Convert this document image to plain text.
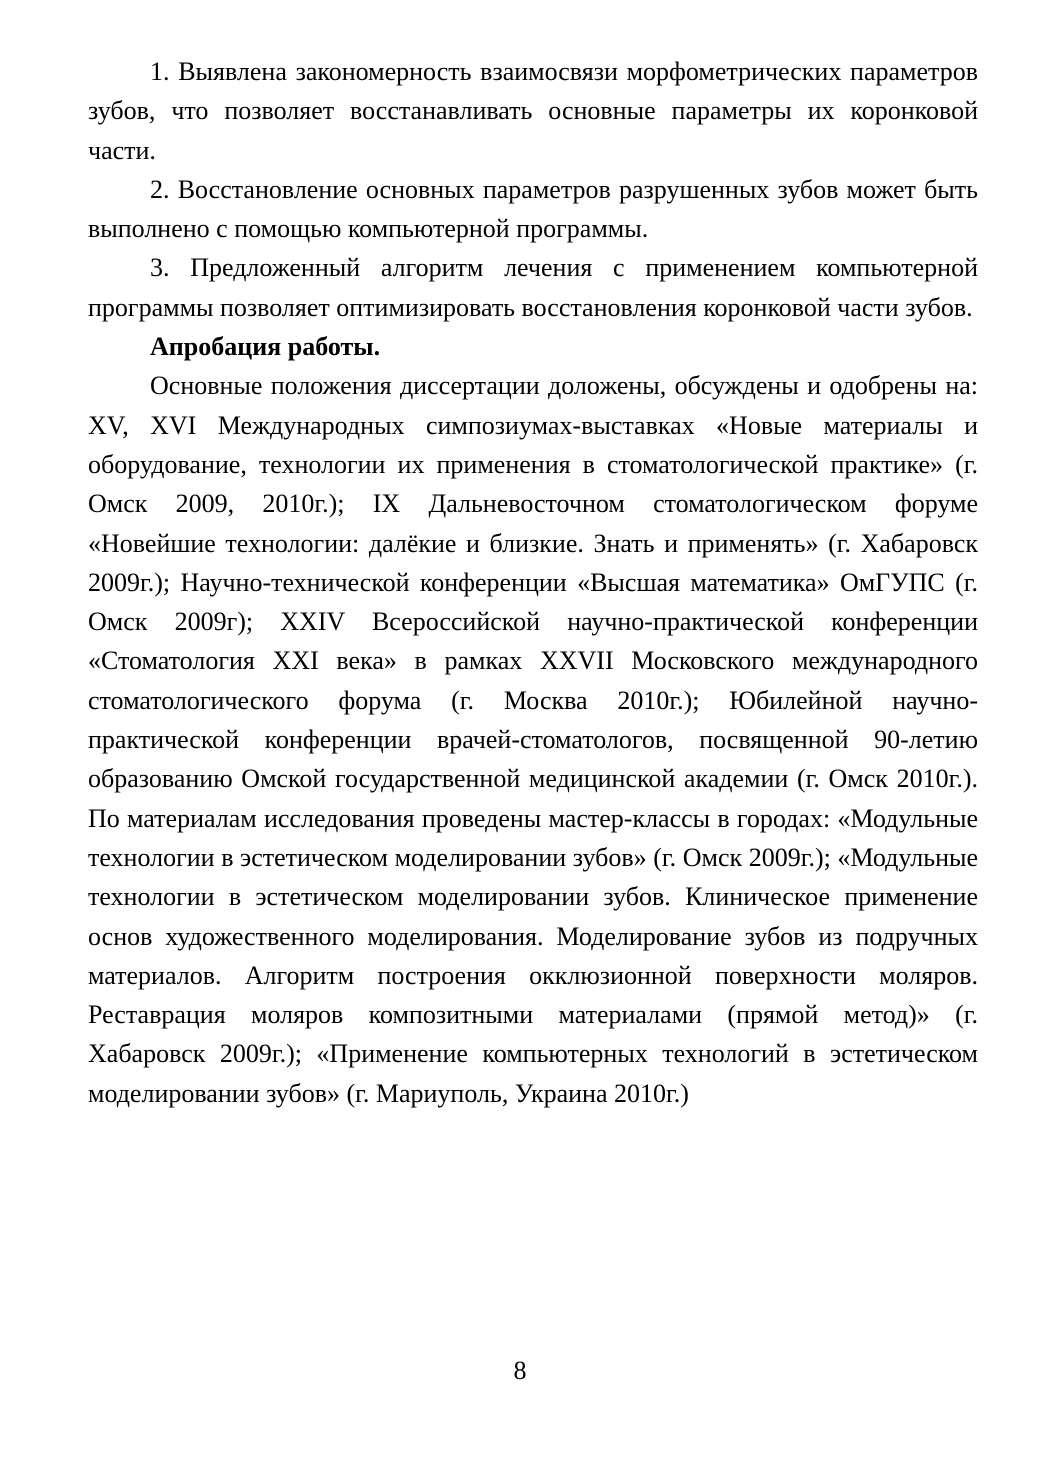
1. Выявлена закономерность взаимосвязи морфометрических параметров зубов, что позволяет восстанавливать основные параметры их коронковой части.

2. Восстановление основных параметров разрушенных зубов может быть выполнено с помощью компьютерной программы.

3. Предложенный алгоритм лечения с применением компьютерной программы позволяет оптимизировать восстановления коронковой части зубов.

Апробация работы.

Основные положения диссертации доложены, обсуждены и одобрены на: XV, XVI Международных симпозиумах-выставках «Новые материалы и оборудование, технологии их применения в стоматологической практике» (г. Омск 2009, 2010г.); IX Дальневосточном стоматологическом форуме «Новейшие технологии: далёкие и близкие. Знать и применять» (г. Хабаровск 2009г.); Научно-технической конференции «Высшая математика» ОмГУПС (г. Омск 2009г); XXIV Всероссийской научно-практической конференции «Стоматология XXI века» в рамках XXVII Московского международного стоматологического форума (г. Москва 2010г.); Юбилейной научно-практической конференции врачей-стоматологов, посвященной 90-летию образованию Омской государственной медицинской академии (г. Омск 2010г.). По материалам исследования проведены мастер-классы в городах: «Модульные технологии в эстетическом моделировании зубов» (г. Омск 2009г.); «Модульные технологии в эстетическом моделировании зубов. Клиническое применение основ художественного моделирования. Моделирование зубов из подручных материалов. Алгоритм построения окклюзионной поверхности моляров. Реставрация моляров композитными материалами (прямой метод)» (г. Хабаровск 2009г.); «Применение компьютерных технологий в эстетическом моделировании зубов» (г. Мариуполь, Украина 2010г.)

8
